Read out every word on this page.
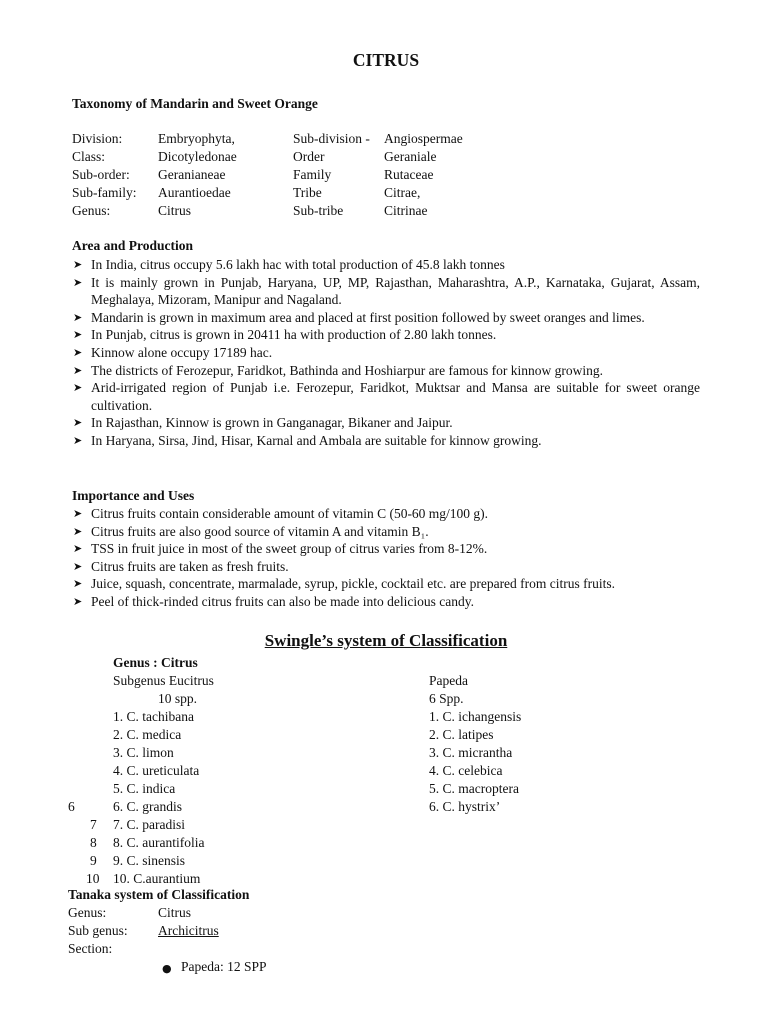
CITRUS
Taxonomy of Mandarin and Sweet Orange
Division:	Embryophyta,	Sub-division - Angiospermae
Class:	Dicotyledonae	Order	Geraniale
Sub-order: Geranianeae	Family	Rutaceae
Sub-family: Aurantioedae	Tribe	Citrae,
Genus:	Citrus	Sub-tribe	Citrinae
Area and Production
➤ In India, citrus occupy 5.6 lakh hac with total production of 45.8 lakh tonnes
➤ It is mainly grown in Punjab, Haryana, UP, MP, Rajasthan, Maharashtra, A.P., Karnataka, Gujarat, Assam, Meghalaya, Mizoram, Manipur and Nagaland.
➤ Mandarin is grown in maximum area and placed at first position followed by sweet oranges and limes.
➤ In Punjab, citrus is grown in 20411 ha with production of 2.80 lakh tonnes.
➤ Kinnow alone occupy 17189 hac.
➤ The districts of Ferozepur, Faridkot, Bathinda and Hoshiarpur are famous for kinnow growing.
➤ Arid-irrigated region of Punjab i.e. Ferozepur, Faridkot, Muktsar and Mansa are suitable for sweet orange cultivation.
➤ In Rajasthan, Kinnow is grown in Ganganagar, Bikaner and Jaipur.
➤ In Haryana, Sirsa, Jind, Hisar, Karnal and Ambala are suitable for kinnow growing.
Importance and Uses
➤ Citrus fruits contain considerable amount of vitamin C (50-60 mg/100 g).
➤ Citrus fruits are also good source of vitamin A and vitamin B₁.
➤ TSS in fruit juice in most of the sweet group of citrus varies from 8-12%.
➤ Citrus fruits are taken as fresh fruits.
➤ Juice, squash, concentrate, marmalade, syrup, pickle, cocktail etc. are prepared from citrus fruits.
➤ Peel of thick-rinded citrus fruits can also be made into delicious candy.
Swingle’s system of Classification
Genus : Citrus
Subgenus Eucitrus
10 spp.
1. C. tachibana
2. C. medica
3. C. limon
4. C. ureticulata
5. C. indica
6	6. C. grandis
7 7. C. paradisi
8 8. C. aurantifolia
9 9. C. sinensis
10 10. C.aurantium
Papeda
6 Spp.
1. C. ichangensis
2. C. latipes
3. C. micrantha
4. C. celebica
5. C. macroptera
6. C. hystrix’
Tanaka system of Classification
Genus:	Citrus
Sub genus: Archicitrus
Section:
● Papeda: 12 SPP
